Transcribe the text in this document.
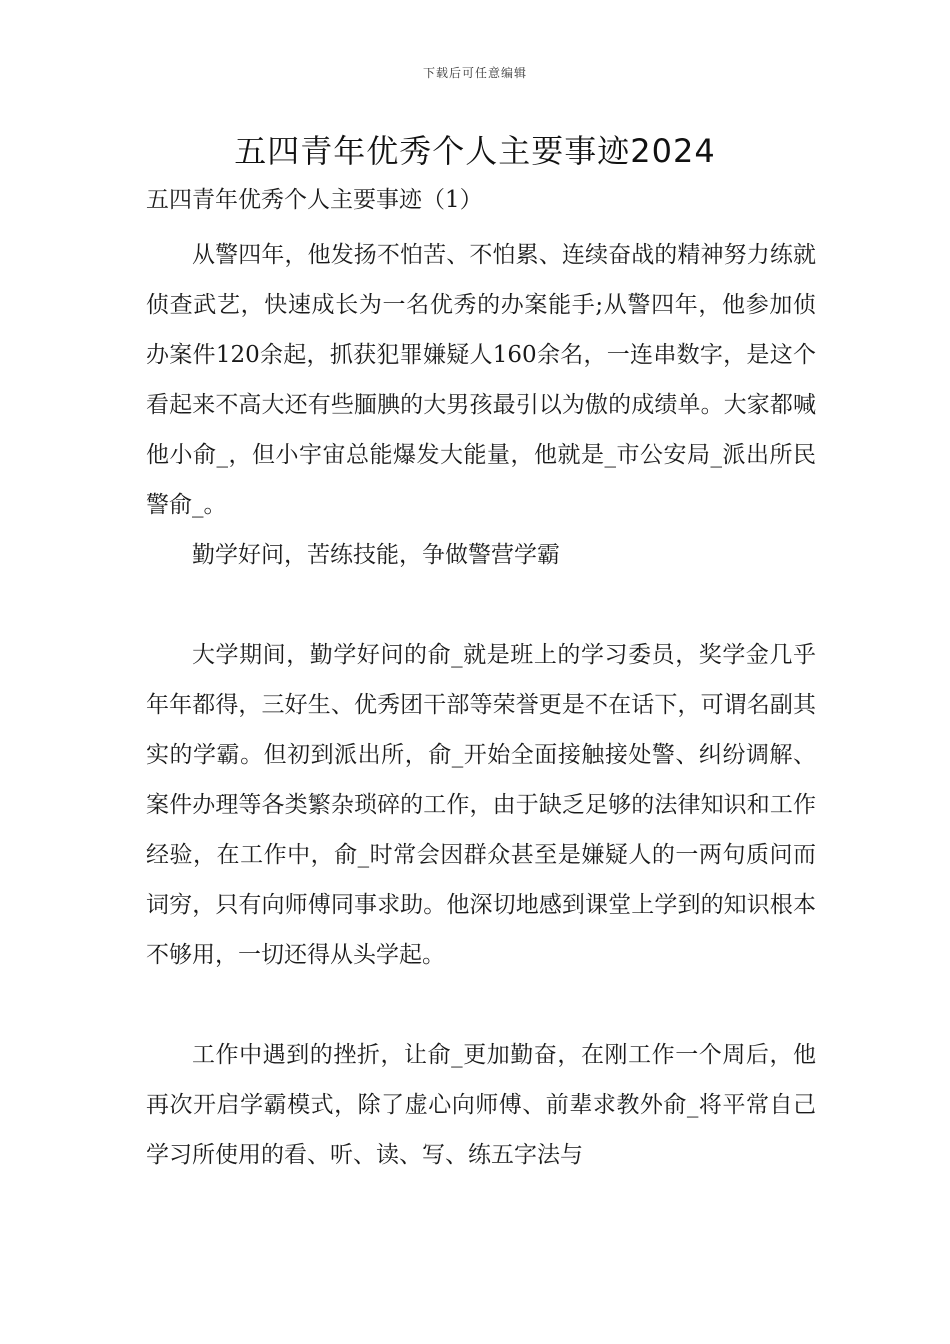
下载后可任意编辑
五四青年优秀个人主要事迹2024

五四青年优秀个人主要事迹（1）

从警四年，他发扬不怕苦、不怕累、连续奋战的精神努力练就侦查武艺，快速成长为一名优秀的办案能手;从警四年，他参加侦办案件120余起，抓获犯罪嫌疑人160余名，一连串数字，是这个看起来不高大还有些腼腆的大男孩最引以为傲的成绩单。大家都喊他小俞_，但小宇宙总能爆发大能量，他就是_市公安局_派出所民警俞_。

勤学好问，苦练技能，争做警营学霸

大学期间，勤学好问的俞_就是班上的学习委员，奖学金几乎年年都得，三好生、优秀团干部等荣誉更是不在话下，可谓名副其实的学霸。但初到派出所，俞_开始全面接触接处警、纠纷调解、案件办理等各类繁杂琐碎的工作，由于缺乏足够的法律知识和工作经验，在工作中，俞_时常会因群众甚至是嫌疑人的一两句质问而词穷，只有向师傅同事求助。他深切地感到课堂上学到的知识根本不够用，一切还得从头学起。

工作中遇到的挫折，让俞_更加勤奋，在刚工作一个周后，他再次开启学霸模式，除了虚心向师傅、前辈求教外俞_将平常自己学习所使用的看、听、读、写、练五字法与
